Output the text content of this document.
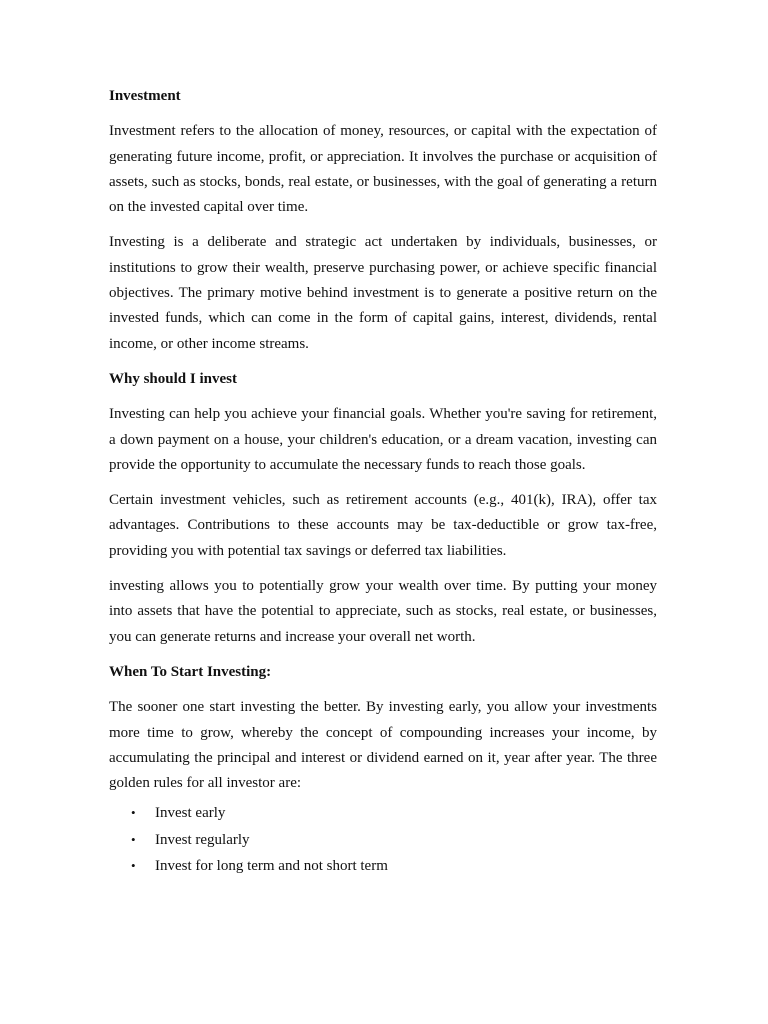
Investment

Investment refers to the allocation of money, resources, or capital with the expectation of generating future income, profit, or appreciation. It involves the purchase or acquisition of assets, such as stocks, bonds, real estate, or businesses, with the goal of generating a return on the invested capital over time.

Investing is a deliberate and strategic act undertaken by individuals, businesses, or institutions to grow their wealth, preserve purchasing power, or achieve specific financial objectives. The primary motive behind investment is to generate a positive return on the invested funds, which can come in the form of capital gains, interest, dividends, rental income, or other income streams.

Why should I invest

Investing can help you achieve your financial goals. Whether you're saving for retirement, a down payment on a house, your children's education, or a dream vacation, investing can provide the opportunity to accumulate the necessary funds to reach those goals.

Certain investment vehicles, such as retirement accounts (e.g., 401(k), IRA), offer tax advantages. Contributions to these accounts may be tax-deductible or grow tax-free, providing you with potential tax savings or deferred tax liabilities.

investing allows you to potentially grow your wealth over time. By putting your money into assets that have the potential to appreciate, such as stocks, real estate, or businesses, you can generate returns and increase your overall net worth.

When To Start Investing:

The sooner one start investing the better. By investing early, you allow your investments more time to grow, whereby the concept of compounding increases your income, by accumulating the principal and interest or dividend earned on it, year after year. The three golden rules for all investor are:

• Invest early
• Invest regularly
• Invest for long term and not short term
